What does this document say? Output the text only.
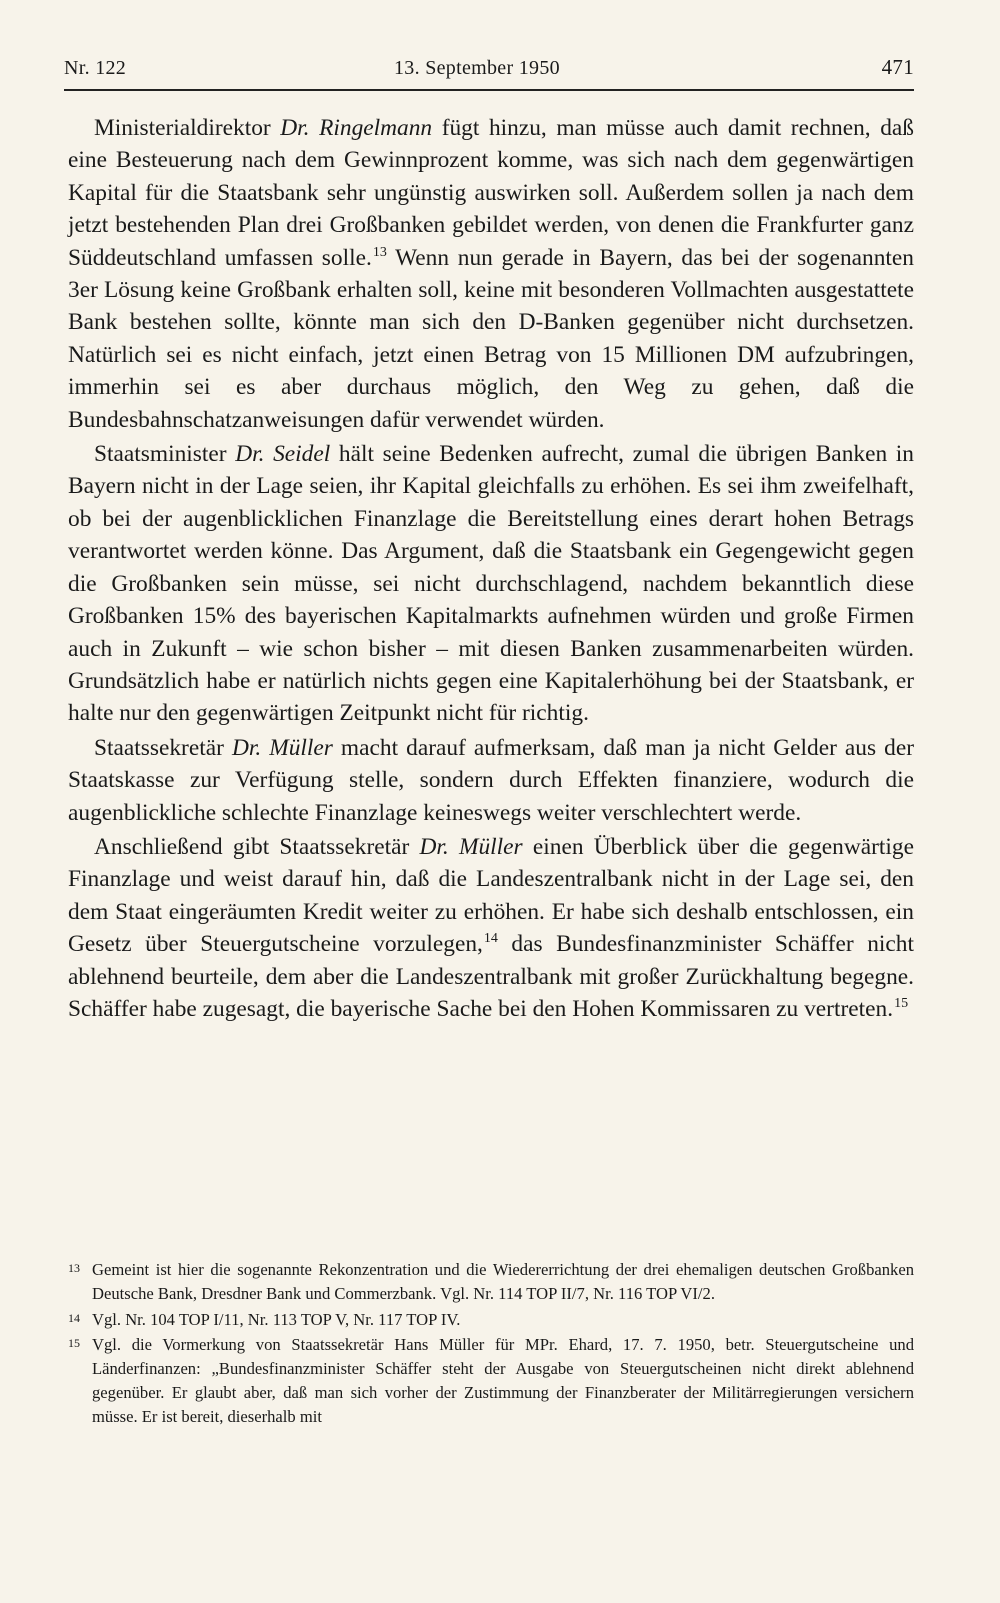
Nr. 122	13. September 1950	471

Ministerialdirektor Dr. Ringelmann fügt hinzu, man müsse auch damit rechnen, daß eine Besteuerung nach dem Gewinnprozent komme, was sich nach dem gegenwärtigen Kapital für die Staatsbank sehr ungünstig auswirken soll. Außerdem sollen ja nach dem jetzt bestehenden Plan drei Großbanken gebildet werden, von denen die Frankfurter ganz Süddeutschland umfassen solle.$^{13}$ Wenn nun gerade in Bayern, das bei der sogenannten 3er Lösung keine Großbank erhalten soll, keine mit besonderen Vollmachten ausgestattete Bank bestehen sollte, könnte man sich den D-Banken gegenüber nicht durchsetzen. Natürlich sei es nicht einfach, jetzt einen Betrag von 15 Millionen DM aufzubringen, immerhin sei es aber durchaus möglich, den Weg zu gehen, daß die Bundesbahnschatzanweisungen dafür verwendet würden.

Staatsminister Dr. Seidel hält seine Bedenken aufrecht, zumal die übrigen Banken in Bayern nicht in der Lage seien, ihr Kapital gleichfalls zu erhöhen. Es sei ihm zweifelhaft, ob bei der augenblicklichen Finanzlage die Bereitstellung eines derart hohen Betrags verantwortet werden könne. Das Argument, daß die Staatsbank ein Gegengewicht gegen die Großbanken sein müsse, sei nicht durchschlagend, nachdem bekanntlich diese Großbanken 15% des bayerischen Kapitalmarkts aufnehmen würden und große Firmen auch in Zukunft – wie schon bisher – mit diesen Banken zusammenarbeiten würden. Grundsätzlich habe er natürlich nichts gegen eine Kapitalerhöhung bei der Staatsbank, er halte nur den gegenwärtigen Zeitpunkt nicht für richtig.

Staatssekretär Dr. Müller macht darauf aufmerksam, daß man ja nicht Gelder aus der Staatskasse zur Verfügung stelle, sondern durch Effekten finanziere, wodurch die augenblickliche schlechte Finanzlage keineswegs weiter verschlechtert werde.

Anschließend gibt Staatssekretär Dr. Müller einen Überblick über die gegenwärtige Finanzlage und weist darauf hin, daß die Landeszentralbank nicht in der Lage sei, den dem Staat eingeräumten Kredit weiter zu erhöhen. Er habe sich deshalb entschlossen, ein Gesetz über Steuergutscheine vorzulegen,$^{14}$ das Bundesfinanzminister Schäffer nicht ablehnend beurteile, dem aber die Landeszentralbank mit großer Zurückhaltung begegne. Schäffer habe zugesagt, die bayerische Sache bei den Hohen Kommissaren zu vertreten.$^{15}$

13 Gemeint ist hier die sogenannte Rekonzentration und die Wiedererrichtung der drei ehemaligen deutschen Großbanken Deutsche Bank, Dresdner Bank und Commerzbank. Vgl. Nr. 114 TOP II/7, Nr. 116 TOP VI/2.
14 Vgl. Nr. 104 TOP I/11, Nr. 113 TOP V, Nr. 117 TOP IV.
15 Vgl. die Vormerkung von Staatssekretär Hans Müller für MPr. Ehard, 17. 7. 1950, betr. Steuergutscheine und Länderfinanzen: „Bundesfinanzminister Schäffer steht der Ausgabe von Steuergutscheinen nicht direkt ablehnend gegenüber. Er glaubt aber, daß man sich vorher der Zustimmung der Finanzberater der Militärregierungen versichern müsse. Er ist bereit, dieserhalb mit
